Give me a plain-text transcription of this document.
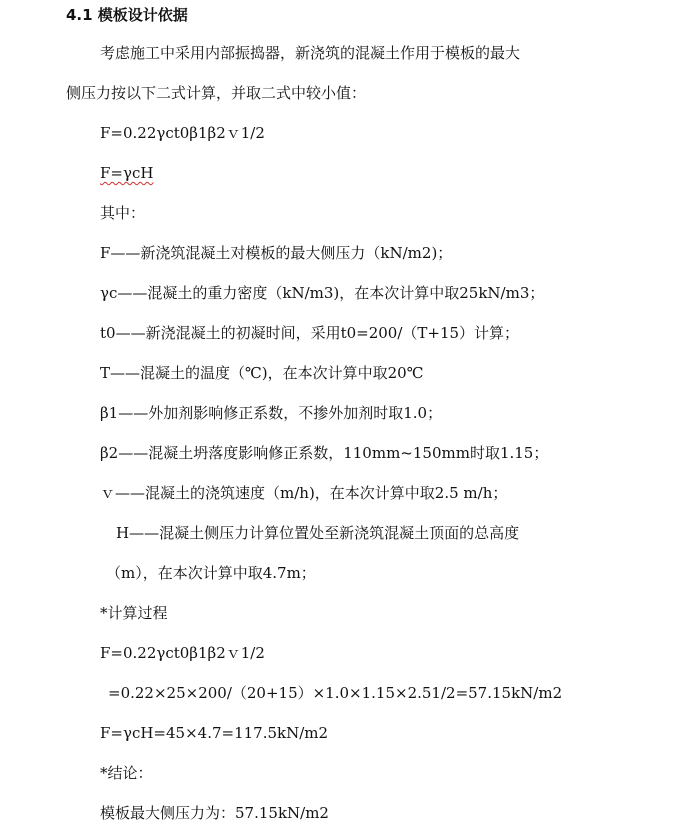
4.1 模板设计依据
考虑施工中采用内部振捣器，新浇筑的混凝土作用于模板的最大
侧压力按以下二式计算，并取二式中较小值：
F=0.22γct0β1β2ｖ1/2
F=γcH
其中：
F——新浇筑混凝土对模板的最大侧压力（kN/m2)；
γc——混凝土的重力密度（kN/m3)，在本次计算中取25kN/m3；
t0——新浇混凝土的初凝时间，采用t0=200/（T+15）计算；
T——混凝土的温度（℃)，在本次计算中取20℃
β1——外加剂影响修正系数，不掺外加剂时取1.0；
β2——混凝土坍落度影响修正系数，110mm~150mm时取1.15；
ｖ——混凝土的浇筑速度（m/h)，在本次计算中取2.5 m/h；
H——混凝土侧压力计算位置处至新浇筑混凝土顶面的总高度
（m），在本次计算中取4.7m；
*计算过程
F=0.22γct0β1β2ｖ1/2
=0.22×25×200/（20+15）×1.0×1.15×2.51/2=57.15kN/m2
F=γcH=45×4.7=117.5kN/m2
*结论：
模板最大侧压力为：57.15kN/m2
